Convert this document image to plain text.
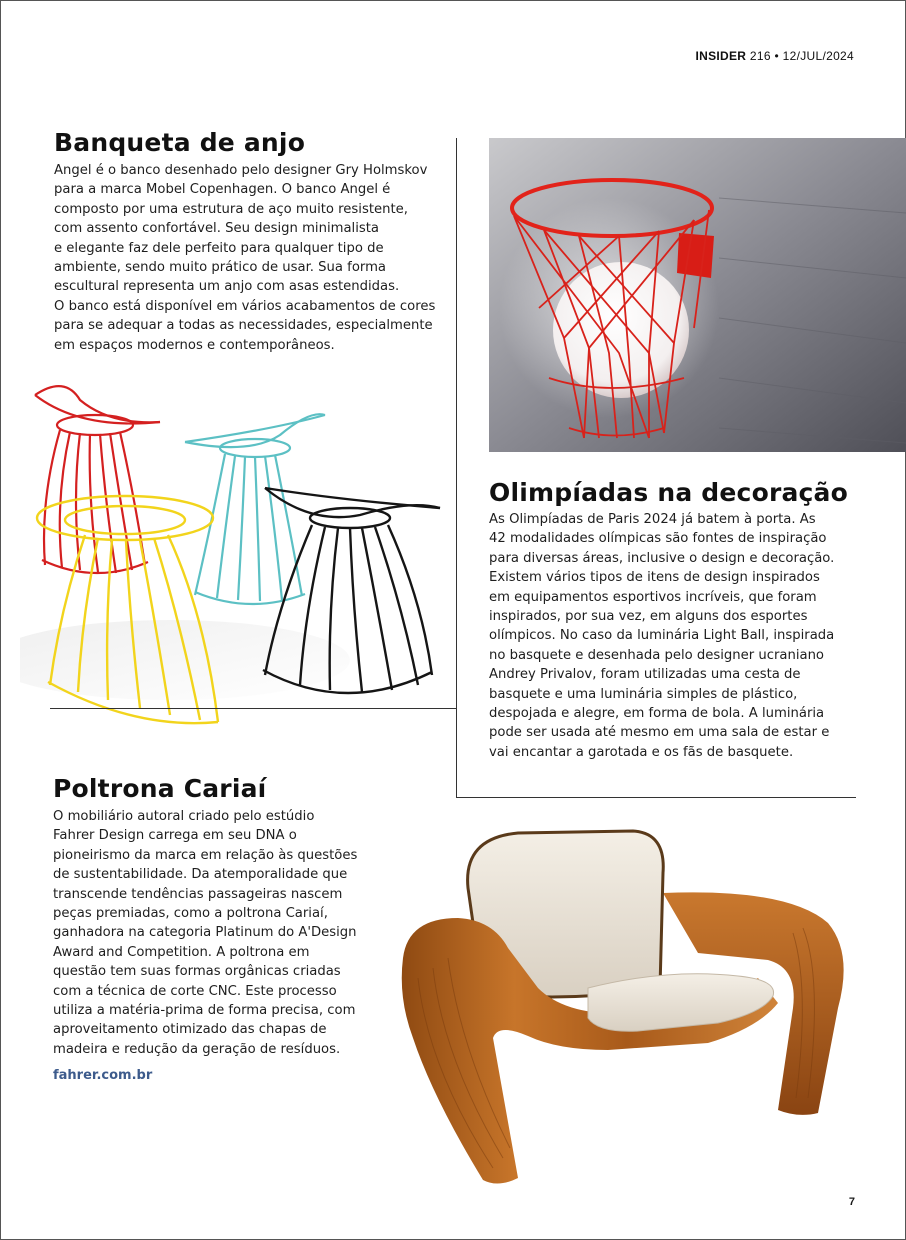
INSIDER 216 • 12/JUL/2024
Banqueta de anjo
Angel é o banco desenhado pelo designer Gry Holmskov
para a marca Mobel Copenhagen. O banco Angel é
composto por uma estrutura de aço muito resistente,
com assento confortável. Seu design minimalista
e elegante faz dele perfeito para qualquer tipo de
ambiente, sendo muito prático de usar. Sua forma
escultural representa um anjo com asas estendidas.
O banco está disponível em vários acabamentos de cores
para se adequar a todas as necessidades, especialmente
em espaços modernos e contemporâneos.
Olimpíadas na decoração
As Olimpíadas de Paris 2024 já batem à porta. As
42 modalidades olímpicas são fontes de inspiração
para diversas áreas, inclusive o design e decoração.
Existem vários tipos de itens de design inspirados
em equipamentos esportivos incríveis, que foram
inspirados, por sua vez, em alguns dos esportes
olímpicos. No caso da luminária Light Ball, inspirada
no basquete e desenhada pelo designer ucraniano
Andrey Privalov, foram utilizadas uma cesta de
basquete e uma luminária simples de plástico,
despojada e alegre, em forma de bola. A luminária
pode ser usada até mesmo em uma sala de estar e
vai encantar a garotada e os fãs de basquete.
Poltrona Cariaí
O mobiliário autoral criado pelo estúdio
Fahrer Design carrega em seu DNA o
pioneirismo da marca em relação às questões
de sustentabilidade. Da atemporalidade que
transcende tendências passageiras nascem
peças premiadas, como a poltrona Cariaí,
ganhadora na categoria Platinum do A'Design
Award and Competition. A poltrona em
questão tem suas formas orgânicas criadas
com a técnica de corte CNC. Este processo
utiliza a matéria-prima de forma precisa, com
aproveitamento otimizado das chapas de
madeira e redução da geração de resíduos.
fahrer.com.br
7
